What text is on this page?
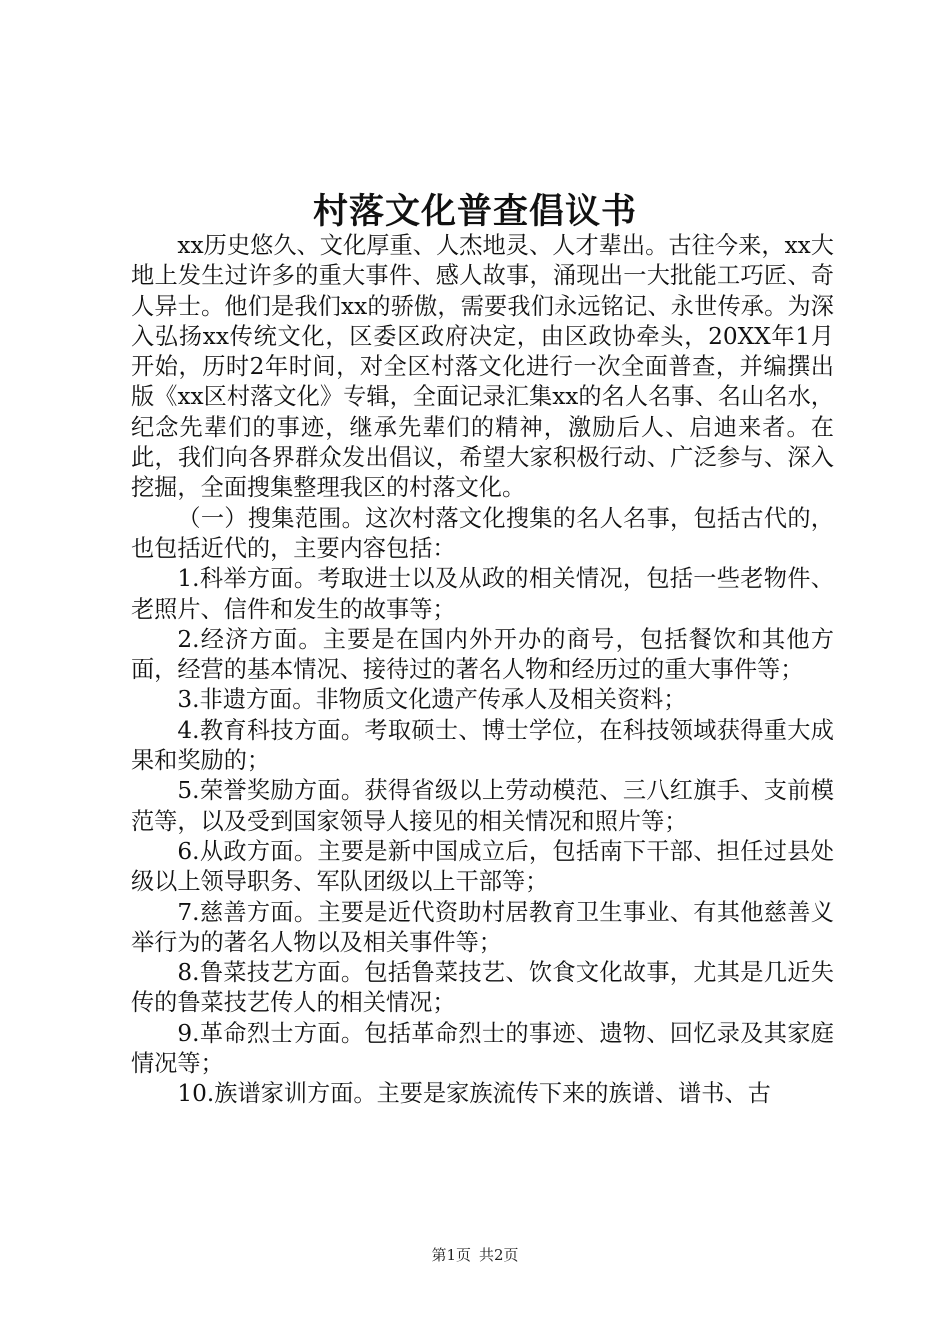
村落文化普查倡议书

xx历史悠久、文化厚重、人杰地灵、人才辈出。古往今来，xx大地上发生过许多的重大事件、感人故事，涌现出一大批能工巧匠、奇人异士。他们是我们xx的骄傲，需要我们永远铭记、永世传承。为深入弘扬xx传统文化，区委区政府决定，由区政协牵头，20XX年1月开始，历时2年时间，对全区村落文化进行一次全面普查，并编撰出版《xx区村落文化》专辑，全面记录汇集xx的名人名事、名山名水，纪念先辈们的事迹，继承先辈们的精神，激励后人、启迪来者。在此，我们向各界群众发出倡议，希望大家积极行动、广泛参与、深入挖掘，全面搜集整理我区的村落文化。

（一）搜集范围。这次村落文化搜集的名人名事，包括古代的，也包括近代的，主要内容包括：

1.科举方面。考取进士以及从政的相关情况，包括一些老物件、老照片、信件和发生的故事等；

2.经济方面。主要是在国内外开办的商号，包括餐饮和其他方面，经营的基本情况、接待过的著名人物和经历过的重大事件等；

3.非遗方面。非物质文化遗产传承人及相关资料；

4.教育科技方面。考取硕士、博士学位，在科技领域获得重大成果和奖励的；

5.荣誉奖励方面。获得省级以上劳动模范、三八红旗手、支前模范等，以及受到国家领导人接见的相关情况和照片等；

6.从政方面。主要是新中国成立后，包括南下干部、担任过县处级以上领导职务、军队团级以上干部等；

7.慈善方面。主要是近代资助村居教育卫生事业、有其他慈善义举行为的著名人物以及相关事件等；

8.鲁菜技艺方面。包括鲁菜技艺、饮食文化故事，尤其是几近失传的鲁菜技艺传人的相关情况；

9.革命烈士方面。包括革命烈士的事迹、遗物、回忆录及其家庭情况等；

10.族谱家训方面。主要是家族流传下来的族谱、谱书、古

第1页 共2页
